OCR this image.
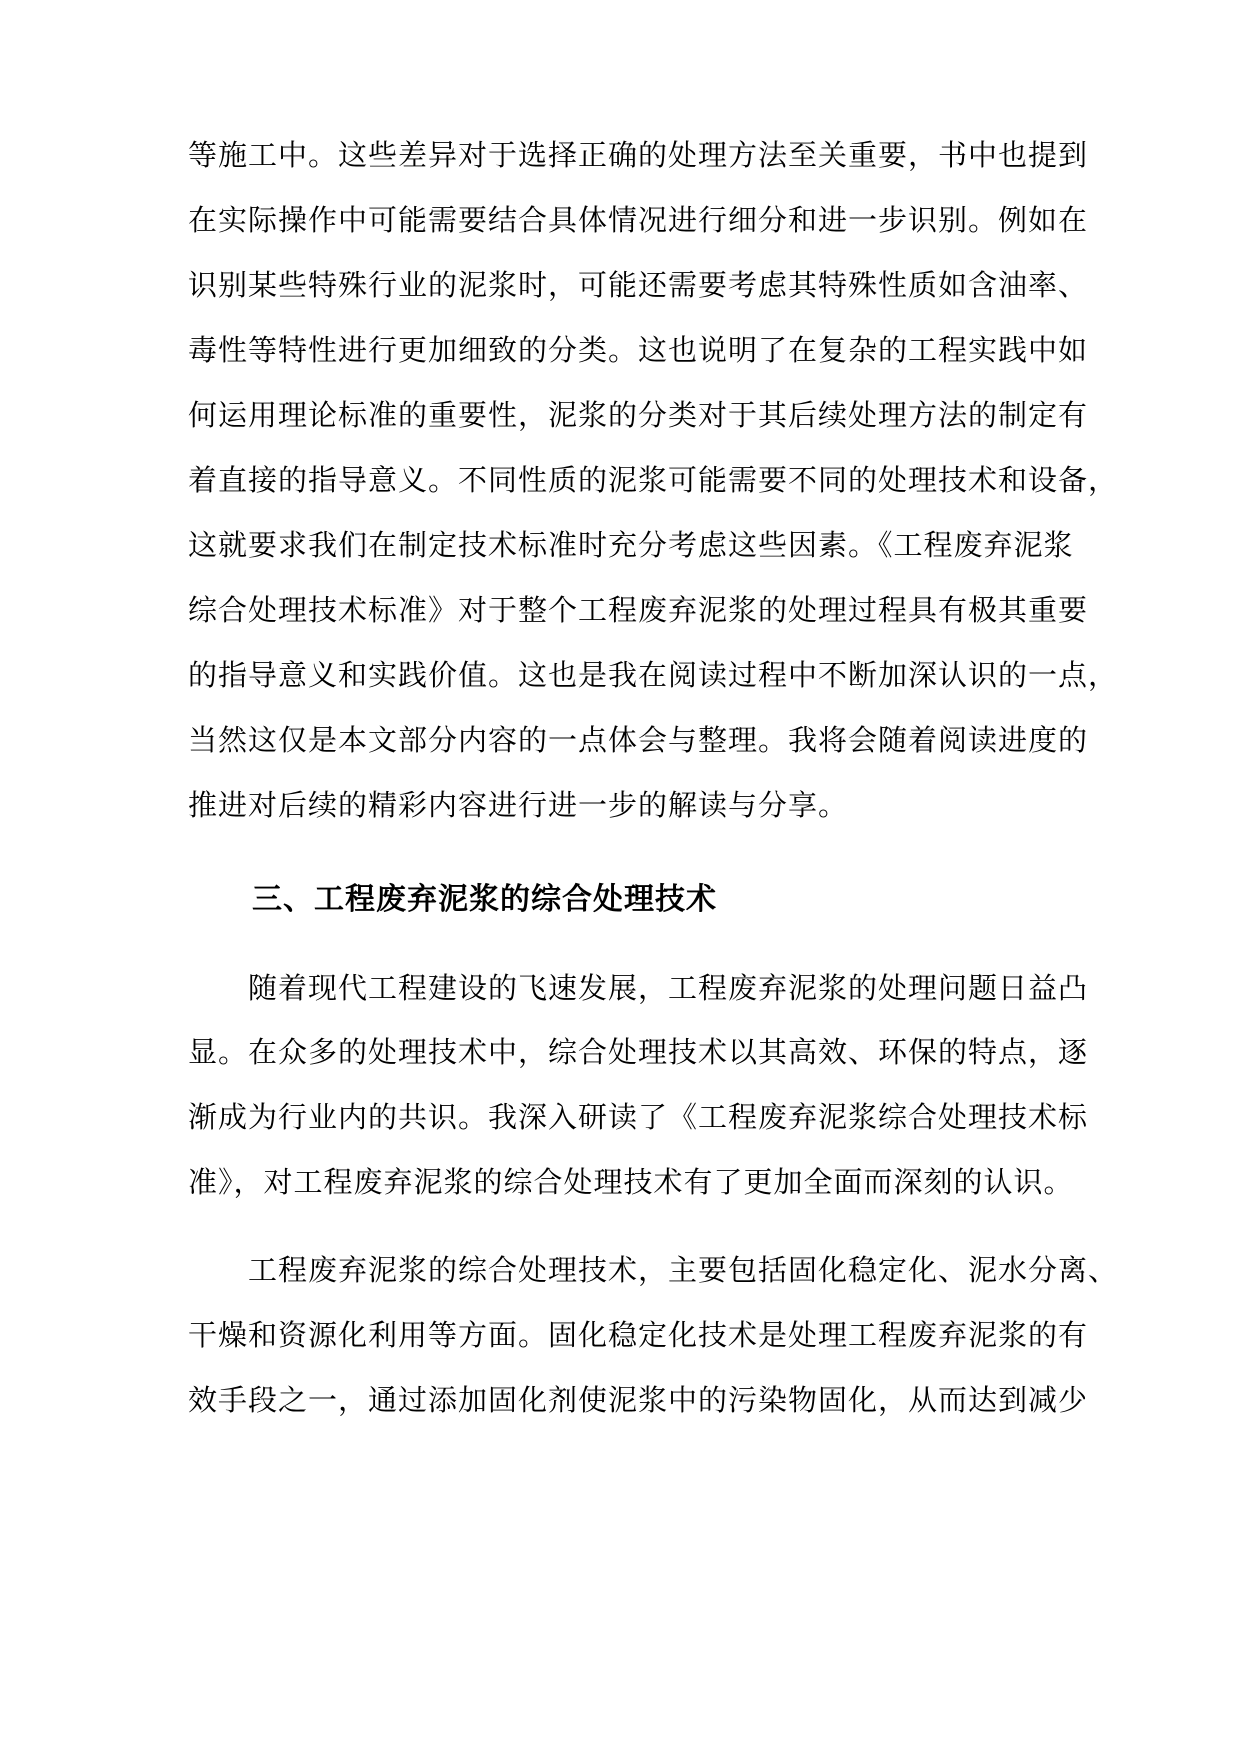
等施工中。这些差异对于选择正确的处理方法至关重要，书中也提到
在实际操作中可能需要结合具体情况进行细分和进一步识别。例如在
识别某些特殊行业的泥浆时，可能还需要考虑其特殊性质如含油率、
毒性等特性进行更加细致的分类。这也说明了在复杂的工程实践中如
何运用理论标准的重要性，泥浆的分类对于其后续处理方法的制定有
着直接的指导意义。不同性质的泥浆可能需要不同的处理技术和设备，
这就要求我们在制定技术标准时充分考虑这些因素。《工程废弃泥浆
综合处理技术标准》对于整个工程废弃泥浆的处理过程具有极其重要
的指导意义和实践价值。这也是我在阅读过程中不断加深认识的一点，
当然这仅是本文部分内容的一点体会与整理。我将会随着阅读进度的
推进对后续的精彩内容进行进一步的解读与分享。
三、工程废弃泥浆的综合处理技术
随着现代工程建设的飞速发展，工程废弃泥浆的处理问题日益凸
显。在众多的处理技术中，综合处理技术以其高效、环保的特点，逐
渐成为行业内的共识。我深入研读了《工程废弃泥浆综合处理技术标
准》，对工程废弃泥浆的综合处理技术有了更加全面而深刻的认识。
工程废弃泥浆的综合处理技术，主要包括固化稳定化、泥水分离、
干燥和资源化利用等方面。固化稳定化技术是处理工程废弃泥浆的有
效手段之一，通过添加固化剂使泥浆中的污染物固化，从而达到减少
